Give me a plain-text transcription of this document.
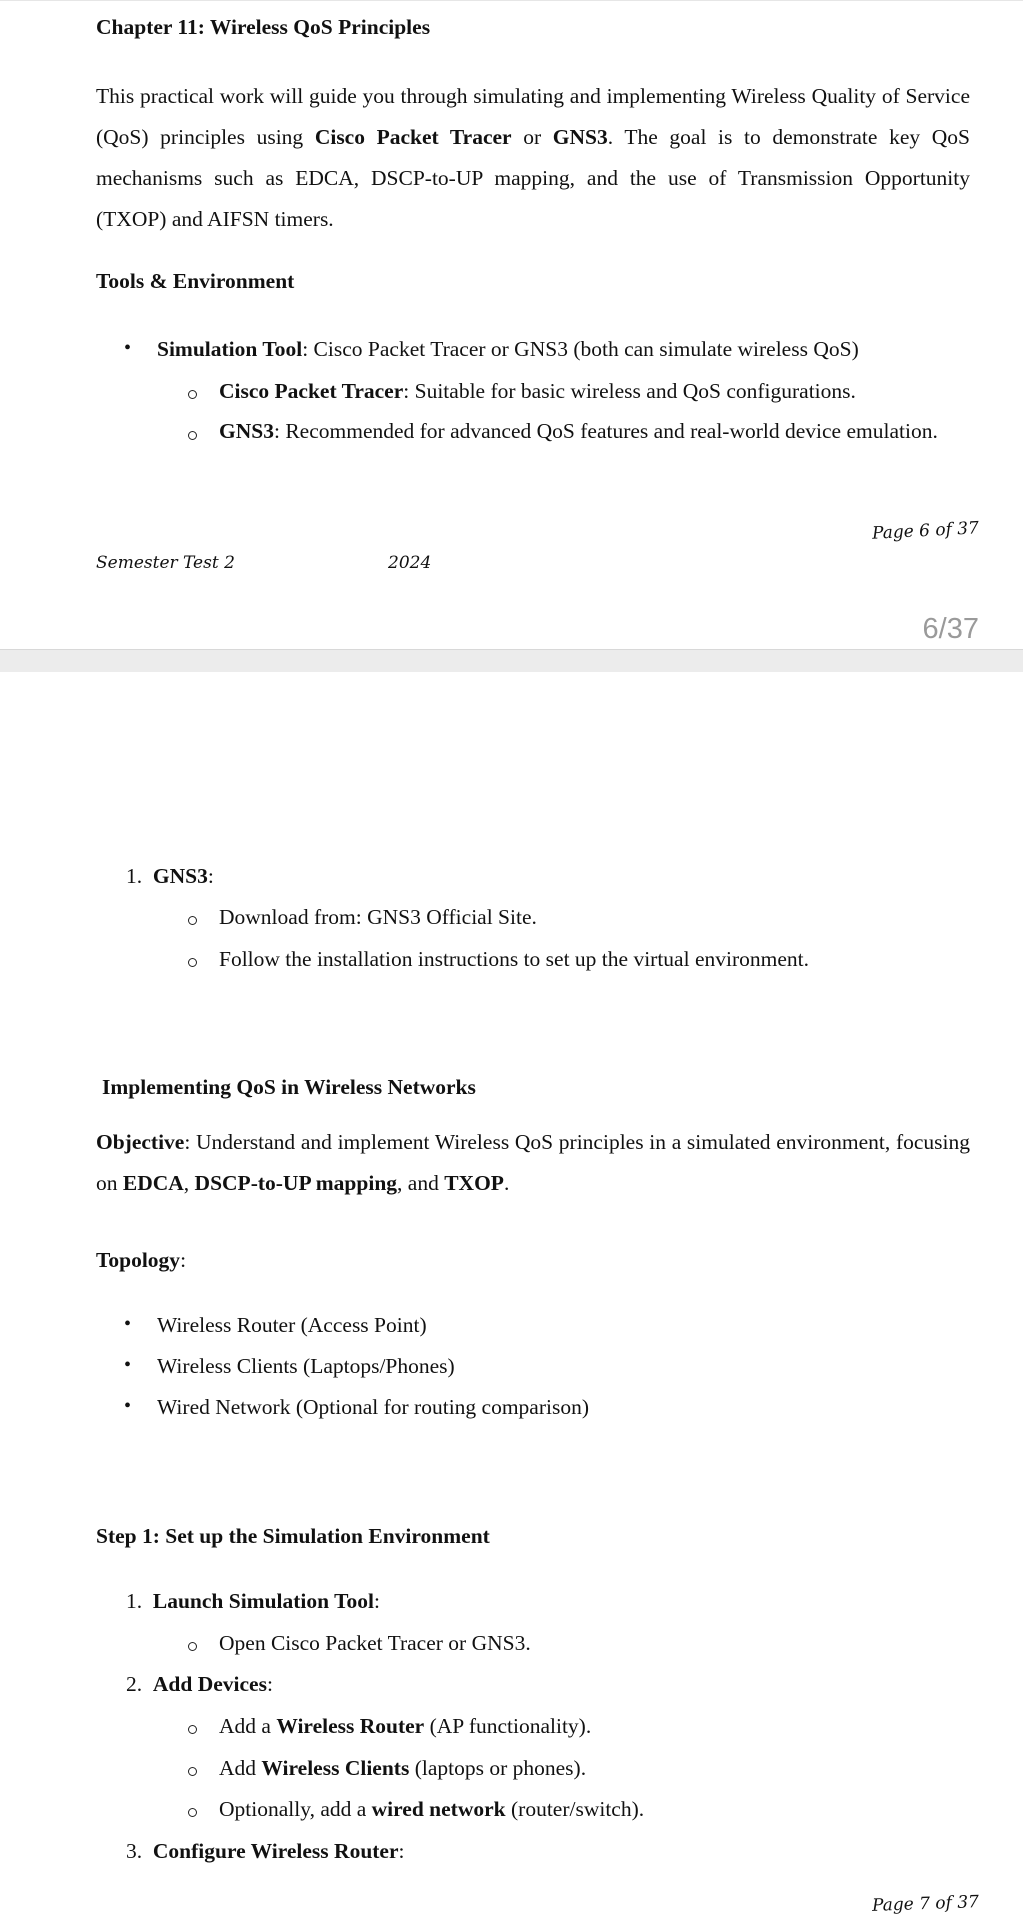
Chapter 11: Wireless QoS Principles

This practical work will guide you through simulating and implementing Wireless Quality of Service (QoS) principles using Cisco Packet Tracer or GNS3. The goal is to demonstrate key QoS mechanisms such as EDCA, DSCP-to-UP mapping, and the use of Transmission Opportunity (TXOP) and AIFSN timers.

Tools & Environment
• Simulation Tool: Cisco Packet Tracer or GNS3 (both can simulate wireless QoS)
Cisco Packet Tracer: Suitable for basic wireless and QoS configurations.

GNS3: Recommended for advanced QoS features and real-world device emulation.

Page 6 of 37
Semester Test 2	2024
6/37
1. GNS3:
Download from: GNS3 Official Site.
Follow the installation instructions to set up the virtual environment.
Implementing QoS in Wireless Networks

Objective: Understand and implement Wireless QoS principles in a simulated environment, focusing on EDCA, DSCP-to-UP mapping, and TXOP.

Topology:
• Wireless Router (Access Point)
• Wireless Clients (Laptops/Phones)
• Wired Network (Optional for routing comparison)
Step 1: Set up the Simulation Environment
1. Launch Simulation Tool:
Open Cisco Packet Tracer or GNS3.
2. Add Devices:
Add a Wireless Router (AP functionality).
Add Wireless Clients (laptops or phones).
Optionally, add a wired network (router/switch).
3. Configure Wireless Router:
Page 7 of 37
